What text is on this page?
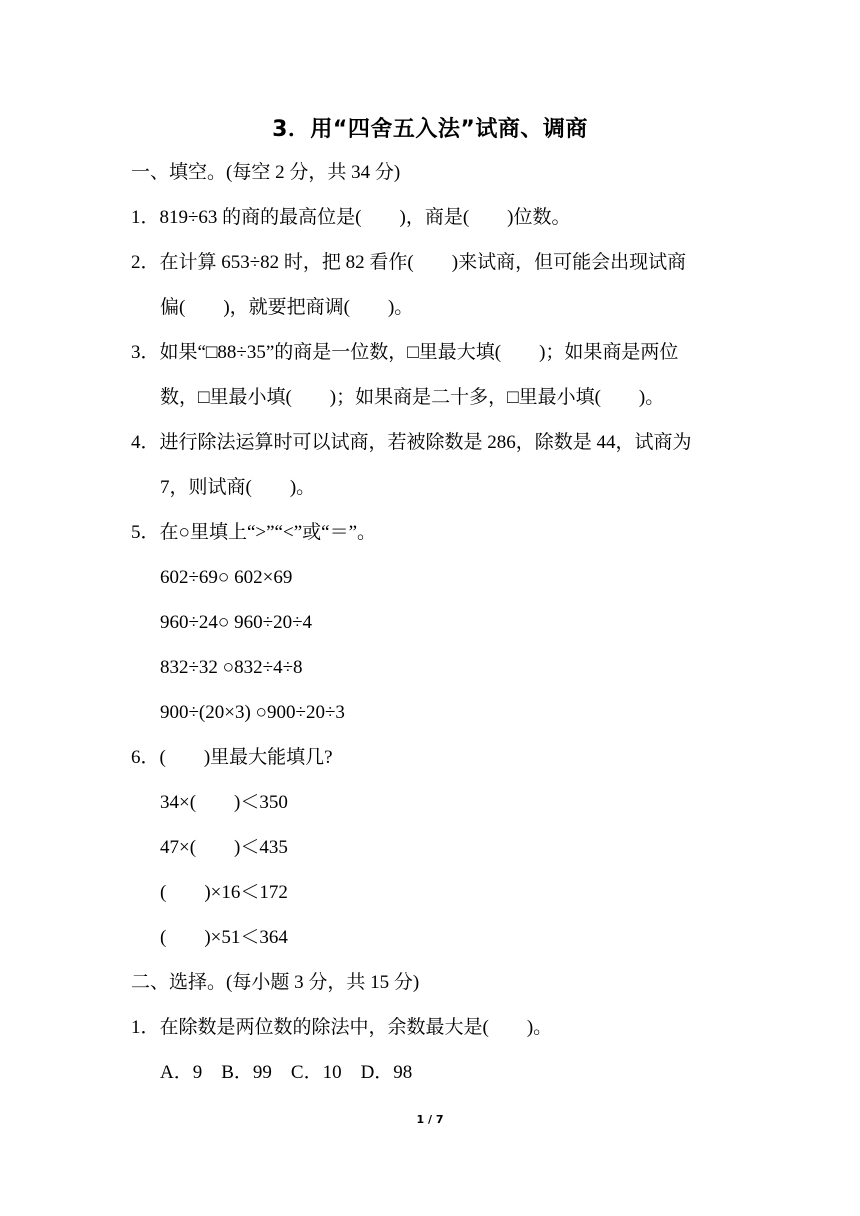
3．用“四舍五入法”试商、调商
一、填空。(每空 2 分，共 34 分)
1．819÷63 的商的最高位是(　　)，商是(　　)位数。
2．在计算 653÷82 时，把 82 看作(　　)来试商，但可能会出现试商
偏(　　)，就要把商调(　　)。
3．如果“□88÷35”的商是一位数，□里最大填(　　)；如果商是两位
数，□里最小填(　　)；如果商是二十多，□里最小填(　　)。
4．进行除法运算时可以试商，若被除数是 286，除数是 44，试商为
7，则试商(　　)。
5．在○里填上“>”“<”或“＝”。
602÷69○ 602×69
960÷24○ 960÷20÷4
832÷32 ○832÷4÷8
900÷(20×3) ○900÷20÷3
6．(　　)里最大能填几?
34×(　　)＜350
47×(　　)＜435
(　　)×16＜172
(　　)×51＜364
二、选择。(每小题 3 分，共 15 分)
1．在除数是两位数的除法中，余数最大是(　　)。
A．9　B．99　C．10　D．98
1 / 7
